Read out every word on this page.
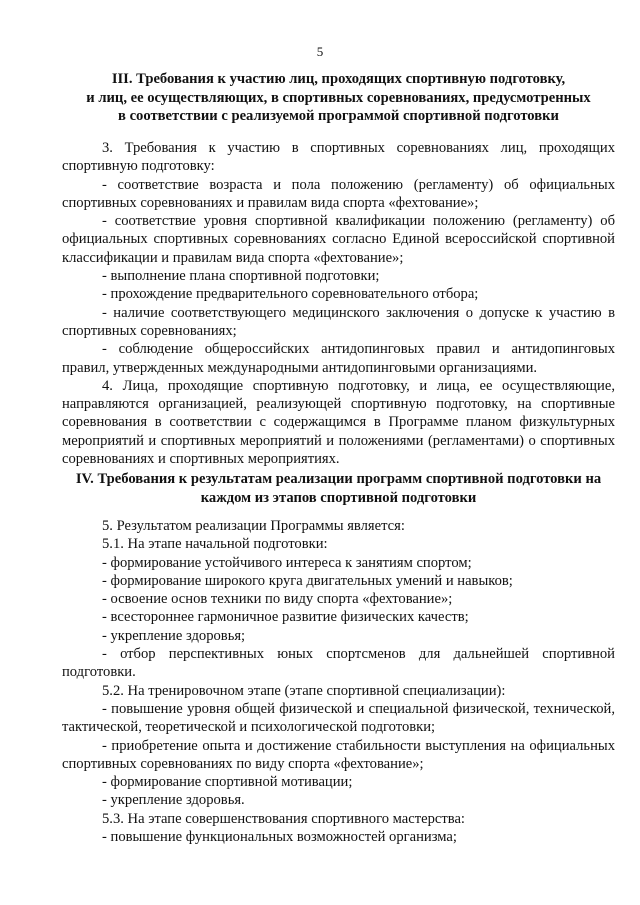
5
III. Требования к участию лиц, проходящих спортивную подготовку,
и лиц, ее осуществляющих, в спортивных соревнованиях, предусмотренных
в соответствии с реализуемой программой спортивной подготовки

3. Требования к участию в спортивных соревнованиях лиц, проходящих спортивную подготовку:

- соответствие возраста и пола положению (регламенту) об официальных спортивных соревнованиях и правилам вида спорта «фехтование»;

- соответствие уровня спортивной квалификации положению (регламенту) об официальных спортивных соревнованиях согласно Единой всероссийской спортивной классификации и правилам вида спорта «фехтование»;

- выполнение плана спортивной подготовки;

- прохождение предварительного соревновательного отбора;

- наличие соответствующего медицинского заключения о допуске к участию в спортивных соревнованиях;

- соблюдение общероссийских антидопинговых правил и антидопинговых правил, утвержденных международными антидопинговыми организациями.

4. Лица, проходящие спортивную подготовку, и лица, ее осуществляющие, направляются организацией, реализующей спортивную подготовку, на спортивные соревнования в соответствии с содержащимся в Программе планом физкультурных мероприятий и спортивных мероприятий и положениями (регламентами) о спортивных соревнованиях и спортивных мероприятиях.

IV. Требования к результатам реализации программ спортивной подготовки на
каждом из этапов спортивной подготовки

5. Результатом реализации Программы является:

5.1. На этапе начальной подготовки:

- формирование устойчивого интереса к занятиям спортом;

- формирование широкого круга двигательных умений и навыков;

- освоение основ техники по виду спорта «фехтование»;

- всестороннее гармоничное развитие физических качеств;

- укрепление здоровья;

- отбор перспективных юных спортсменов для дальнейшей спортивной подготовки.

5.2. На тренировочном этапе (этапе спортивной специализации):

- повышение уровня общей физической и специальной физической, технической, тактической, теоретической и психологической подготовки;

- приобретение опыта и достижение стабильности выступления на официальных спортивных соревнованиях по виду спорта «фехтование»;

- формирование спортивной мотивации;

- укрепление здоровья.

5.3. На этапе совершенствования спортивного мастерства:

- повышение функциональных возможностей организма;
